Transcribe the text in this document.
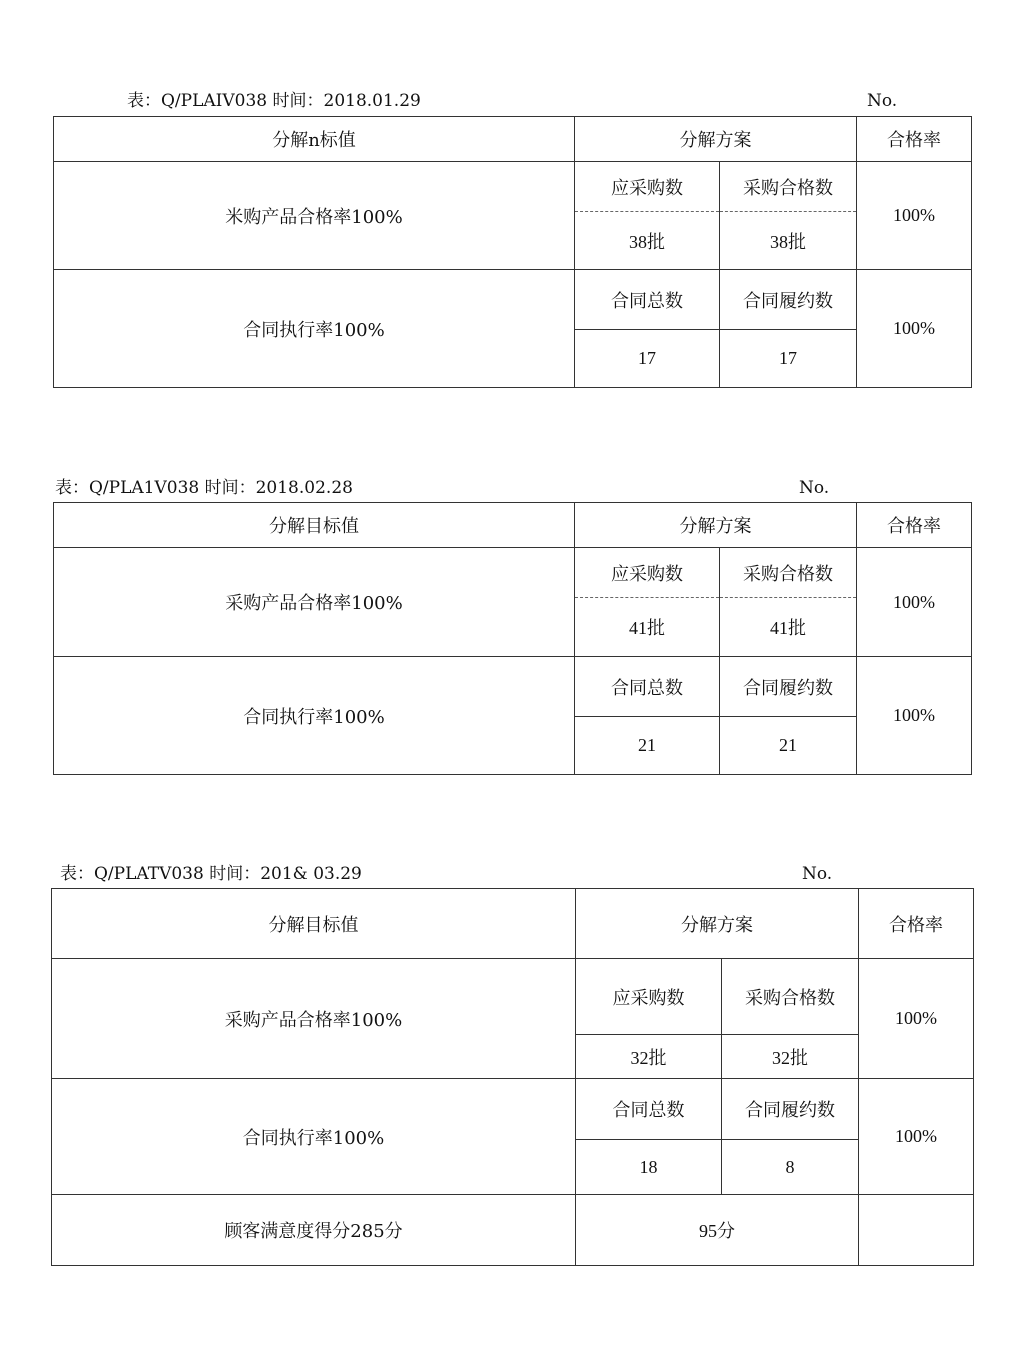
表：Q/PLAIV038 时间：2018.01.29	No.
分解n标值	分解方案		合格率
米购产品合格率100%	应采购数	采购合格数	100%
	38批	38批	
合同执行率100%	合同总数	合同履约数	100%
	17	17	
表：Q/PLA1V038 时间：2018.02.28	No.
分解目标值	分解方案		合格率
采购产品合格率100%	应采购数	采购合格数	100%
	41批	41批	
合同执行率100%	合同总数	合同履约数	100%
	21	21	
表：Q/PLATV038 时间：201& 03.29	No.
分解目标值	分解方案		合格率
采购产品合格率100%	应采购数	采购合格数	100%
	32批	32批	
合同执行率100%	合同总数	合同履约数	100%
	18	8	
顾客满意度得分285分	95分		
